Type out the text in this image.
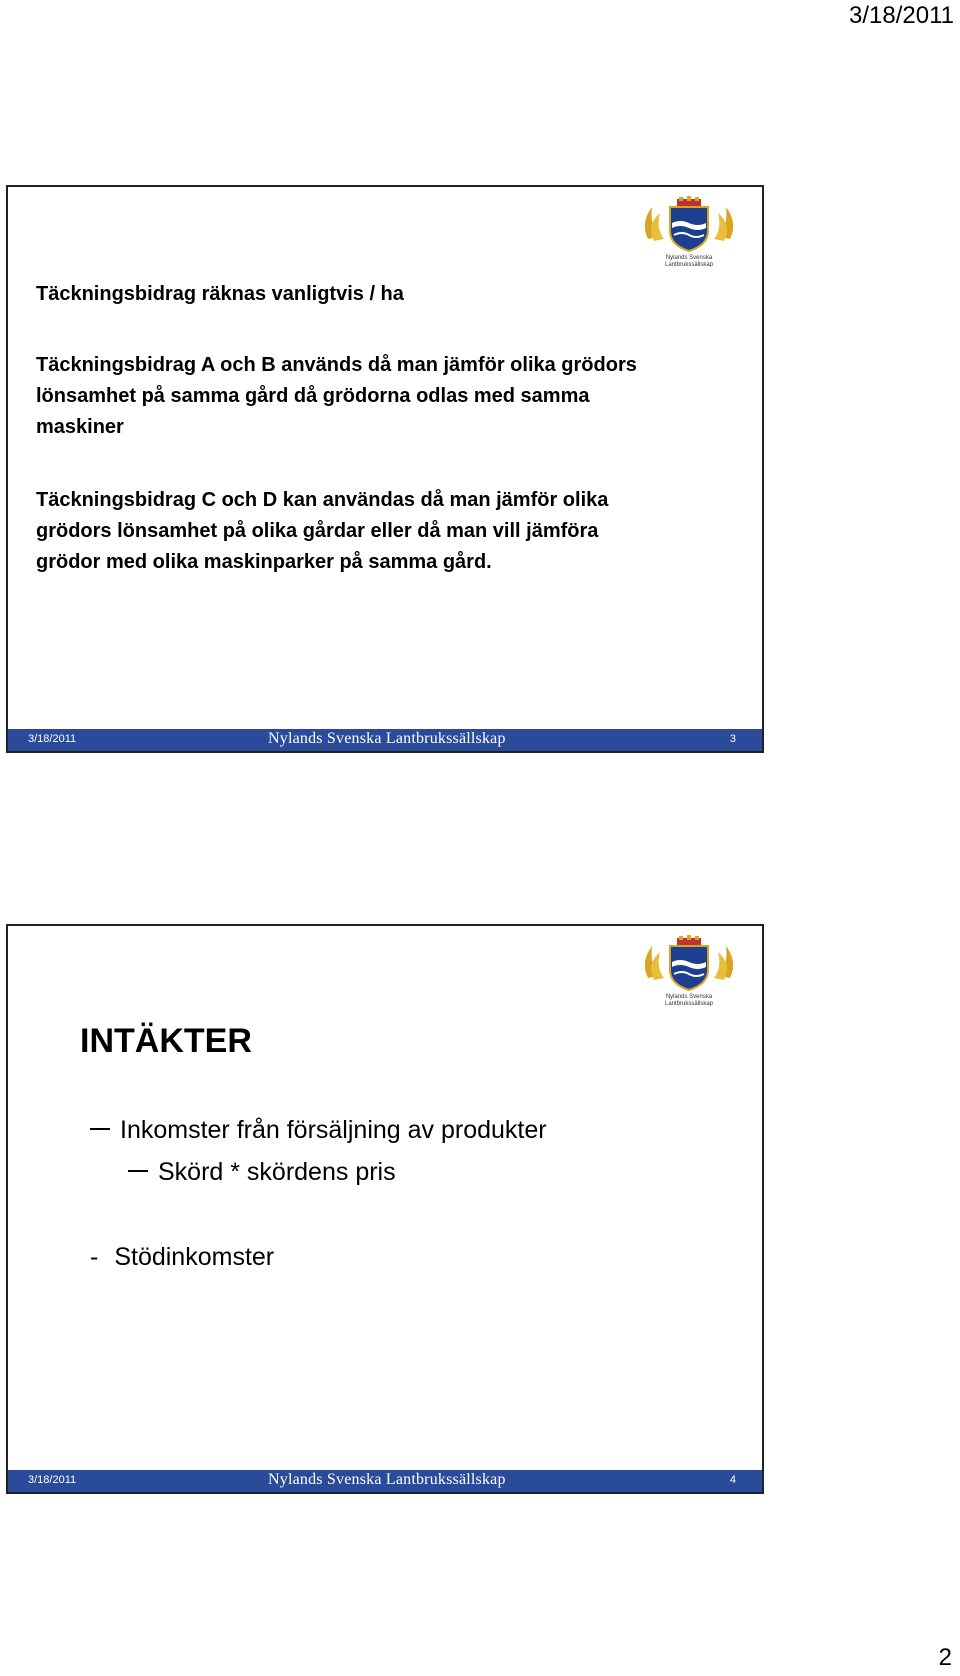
3/18/2011
Nylands Svenska
Lantbrukssällskap

Täckningsbidrag räknas vanligtvis / ha

Täckningsbidrag A och B används då man jämför olika grödors
lönsamhet på samma gård då grödorna odlas med samma
maskiner

Täckningsbidrag C och D kan användas då man jämför olika
grödors lönsamhet på olika gårdar eller då man vill jämföra
grödor med olika maskinparker på samma gård.

3/18/2011	Nylands Svenska Lantbrukssällskap	3
Nylands Svenska
Lantbrukssällskap
INTÄKTER
Inkomster från försäljning av produkter
Skörd * skördens pris
- Stödinkomster
3/18/2011	Nylands Svenska Lantbrukssällskap	4
2
